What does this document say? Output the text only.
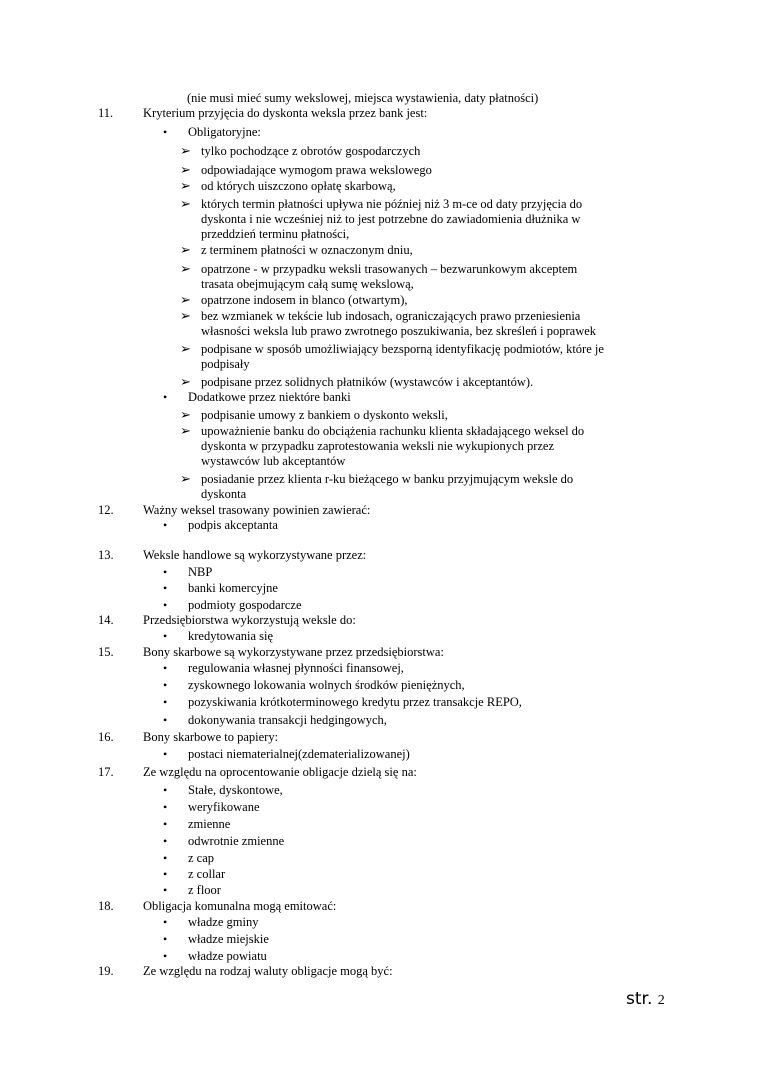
(nie musi mieć sumy wekslowej, miejsca wystawienia, daty płatności)
11. Kryterium przyjęcia do dyskonta weksla przez bank jest:
• Obligatoryjne:
➢ tylko pochodzące z obrotów gospodarczych
➢ odpowiadające wymogom prawa wekslowego
➢ od których uiszczono opłatę skarbową,
➢ których termin płatności upływa nie później niż 3 m-ce od daty przyjęcia do
dyskonta i nie wcześniej niż to jest potrzebne do zawiadomienia dłużnika w
przeddzień terminu płatności,
➢ z terminem płatności w oznaczonym dniu,
➢ opatrzone - w przypadku weksli trasowanych – bezwarunkowym akceptem
trasata obejmującym całą sumę wekslową,
➢ opatrzone indosem in blanco (otwartym),
➢ bez wzmianek w tekście lub indosach, ograniczających prawo przeniesienia
własności weksla lub prawo zwrotnego poszukiwania, bez skreśleń i poprawek
➢ podpisane w sposób umożliwiający bezsporną identyfikację podmiotów, które je
podpisały
➢ podpisane przez solidnych płatników (wystawców i akceptantów).
• Dodatkowe przez niektóre banki
➢ podpisanie umowy z bankiem o dyskonto weksli,
➢ upoważnienie banku do obciążenia rachunku klienta składającego weksel do
dyskonta w przypadku zaprotestowania weksli nie wykupionych przez
wystawców lub akceptantów
➢ posiadanie przez klienta r-ku bieżącego w banku przyjmującym weksle do
dyskonta
12. Ważny weksel trasowany powinien zawierać:
• podpis akceptanta
13. Weksle handlowe są wykorzystywane przez:
• NBP
• banki komercyjne
• podmioty gospodarcze
14. Przedsiębiorstwa wykorzystują weksle do:
• kredytowania się
15. Bony skarbowe są wykorzystywane przez przedsiębiorstwa:
• regulowania własnej płynności finansowej,
• zyskownego lokowania wolnych środków pieniężnych,
• pozyskiwania krótkoterminowego kredytu przez transakcje REPO,
• dokonywania transakcji hedgingowych,
16. Bony skarbowe to papiery:
• postaci niematerialnej(zdematerializowanej)
17. Ze względu na oprocentowanie obligacje dzielą się na:
• Stałe, dyskontowe,
• weryfikowane
• zmienne
• odwrotnie zmienne
• z cap
• z collar
• z floor
18. Obligacja komunalna mogą emitować:
• władze gminy
• władze miejskie
• władze powiatu
19. Ze względu na rodzaj waluty obligacje mogą być:
str. 2
